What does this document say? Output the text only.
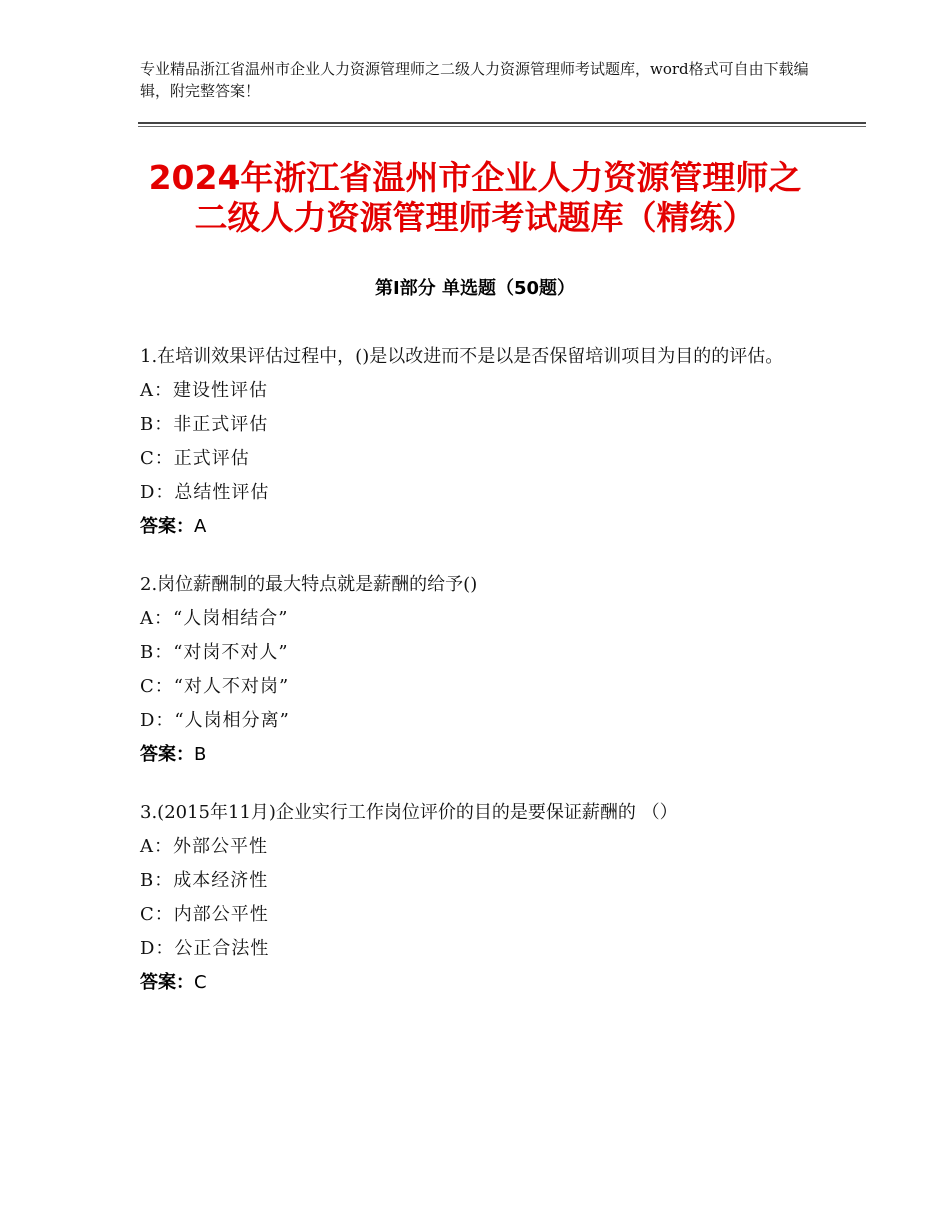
专业精品浙江省温州市企业人力资源管理师之二级人力资源管理师考试题库，word格式可自由下载编辑，附完整答案！
2024年浙江省温州市企业人力资源管理师之
二级人力资源管理师考试题库（精练）
第Ⅰ部分 单选题（50题）

1.在培训效果评估过程中，()是以改进而不是以是否保留培训项目为目的的评估。

A：建设性评估

B：非正式评估

C：正式评估

D：总结性评估

答案：A

2.岗位薪酬制的最大特点就是薪酬的给予()

A：“人岗相结合”

B：“对岗不对人”

C：“对人不对岗”

D：“人岗相分离”

答案：B

3.(2015年11月)企业实行工作岗位评价的目的是要保证薪酬的 （）

A：外部公平性

B：成本经济性

C：内部公平性

D：公正合法性

答案：C
